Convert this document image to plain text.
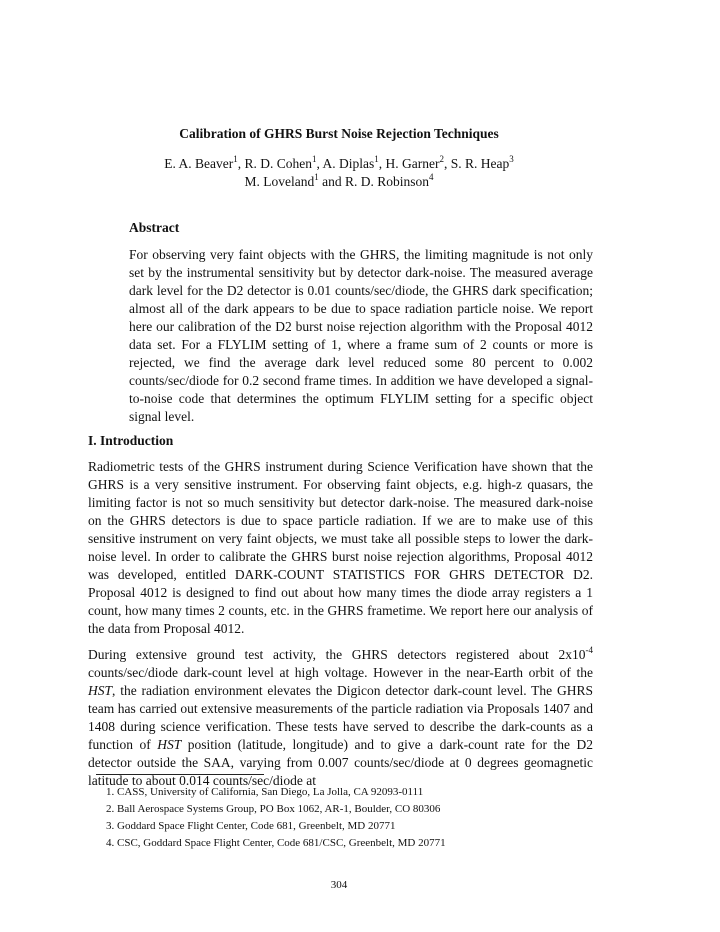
Calibration of GHRS Burst Noise Rejection Techniques
E. A. Beaver$^1$, R. D. Cohen$^1$, A. Diplas$^1$, H. Garner$^2$, S. R. Heap$^3$
M. Loveland$^1$ and R. D. Robinson$^4$
Abstract
For observing very faint objects with the GHRS, the limiting magnitude is not only set by the instrumental sensitivity but by detector dark-noise. The measured average dark level for the D2 detector is 0.01 counts/sec/diode, the GHRS dark specification; almost all of the dark appears to be due to space radiation particle noise. We report here our calibration of the D2 burst noise rejection algorithm with the Proposal 4012 data set. For a FLYLIM setting of 1, where a frame sum of 2 counts or more is rejected, we find the average dark level reduced some 80 percent to 0.002 counts/sec/diode for 0.2 second frame times. In addition we have developed a signal-to-noise code that determines the optimum FLYLIM setting for a specific object signal level.
I. Introduction
Radiometric tests of the GHRS instrument during Science Verification have shown that the GHRS is a very sensitive instrument. For observing faint objects, e.g. high-z quasars, the limiting factor is not so much sensitivity but detector dark-noise. The measured dark-noise on the GHRS detectors is due to space particle radiation. If we are to make use of this sensitive instrument on very faint objects, we must take all possible steps to lower the dark-noise level. In order to calibrate the GHRS burst noise rejection algorithms, Proposal 4012 was developed, entitled DARK-COUNT STATISTICS FOR GHRS DETECTOR D2. Proposal 4012 is designed to find out about how many times the diode array registers a 1 count, how many times 2 counts, etc. in the GHRS frametime. We report here our analysis of the data from Proposal 4012.
During extensive ground test activity, the GHRS detectors registered about $2x10^{-4}$ counts/sec/diode dark-count level at high voltage. However in the near-Earth orbit of the HST, the radiation environment elevates the Digicon detector dark-count level. The GHRS team has carried out extensive measurements of the particle radiation via Proposals 1407 and 1408 during science verification. These tests have served to describe the dark-counts as a function of HST position (latitude, longitude) and to give a dark-count rate for the D2 detector outside the SAA, varying from 0.007 counts/sec/diode at 0 degrees geomagnetic latitude to about 0.014 counts/sec/diode at
1. CASS, University of California, San Diego, La Jolla, CA 92093-0111
2. Ball Aerospace Systems Group, PO Box 1062, AR-1, Boulder, CO 80306
3. Goddard Space Flight Center, Code 681, Greenbelt, MD 20771
4. CSC, Goddard Space Flight Center, Code 681/CSC, Greenbelt, MD 20771
304
